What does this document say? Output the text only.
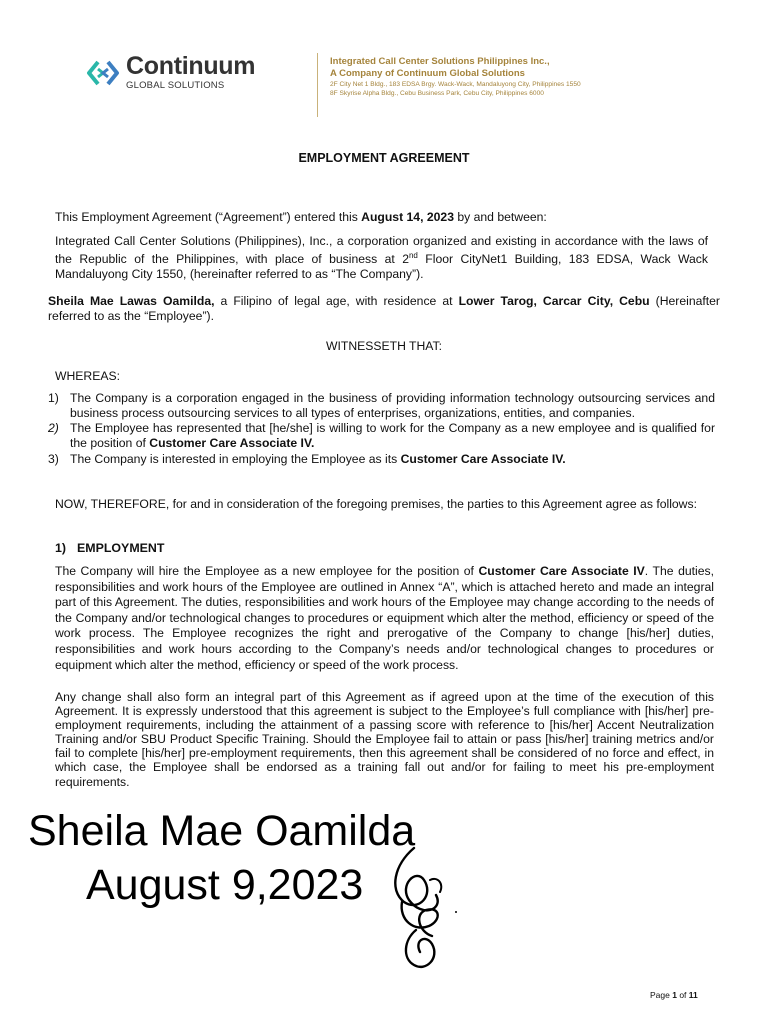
Continuum
GLOBAL SOLUTIONS
Integrated Call Center Solutions Philippines Inc.,
A Company of Continuum Global Solutions
2F City Net 1 Bldg., 183 EDSA Brgy. Wack-Wack, Mandaluyong City, Philippines 1550
8F Skyrise Alpha Bldg., Cebu Business Park, Cebu City, Philippines 6000
EMPLOYMENT AGREEMENT
This Employment Agreement (“Agreement”) entered this August 14, 2023 by and between:
Integrated Call Center Solutions (Philippines), Inc., a corporation organized and existing in accordance with the laws of the Republic of the Philippines, with place of business at 2nd Floor CityNet1 Building, 183 EDSA, Wack Wack Mandaluyong City 1550, (hereinafter referred to as “The Company”).
Sheila Mae Lawas Oamilda, a Filipino of legal age, with residence at Lower Tarog, Carcar City, Cebu (Hereinafter referred to as the “Employee”).
WITNESSETH THAT:
WHEREAS:
1) The Company is a corporation engaged in the business of providing information technology outsourcing services and business process outsourcing services to all types of enterprises, organizations, entities, and companies.
2) The Employee has represented that [he/she] is willing to work for the Company as a new employee and is qualified for the position of Customer Care Associate IV.
3) The Company is interested in employing the Employee as its Customer Care Associate IV.
NOW, THEREFORE, for and in consideration of the foregoing premises, the parties to this Agreement agree as follows:
1) EMPLOYMENT
The Company will hire the Employee as a new employee for the position of Customer Care Associate IV. The duties, responsibilities and work hours of the Employee are outlined in Annex “A”, which is attached hereto and made an integral part of this Agreement. The duties, responsibilities and work hours of the Employee may change according to the needs of the Company and/or technological changes to procedures or equipment which alter the method, efficiency or speed of the work process. The Employee recognizes the right and prerogative of the Company to change [his/her] duties, responsibilities and work hours according to the Company’s needs and/or technological changes to procedures or equipment which alter the method, efficiency or speed of the work process.
Any change shall also form an integral part of this Agreement as if agreed upon at the time of the execution of this Agreement. It is expressly understood that this agreement is subject to the Employee’s full compliance with [his/her] pre-employment requirements, including the attainment of a passing score with reference to [his/her] Accent Neutralization Training and/or SBU Product Specific Training. Should the Employee fail to attain or pass [his/her] training metrics and/or fail to complete [his/her] pre-employment requirements, then this agreement shall be considered of no force and effect, in which case, the Employee shall be endorsed as a training fall out and/or for failing to meet his pre-employment requirements.
Sheila Mae Oamilda
August 9,2023
Page 1 of 11
